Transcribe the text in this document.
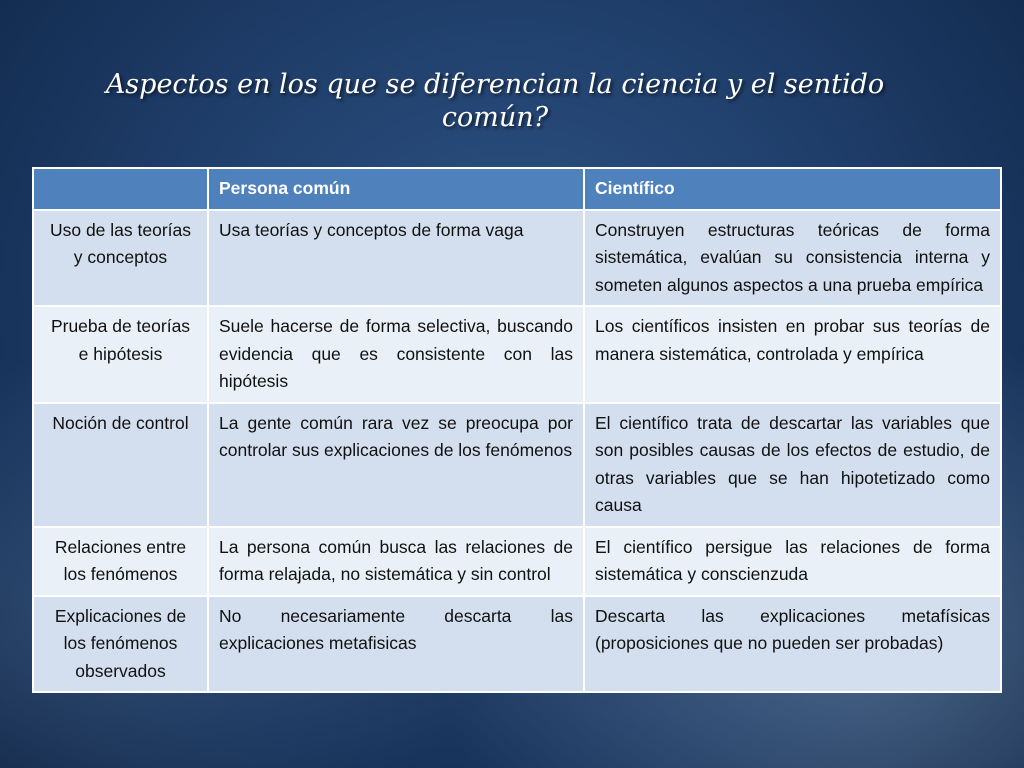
Aspectos en los que se diferencian la ciencia y el sentido común?
	Persona común	Científico
Uso de las teorías y conceptos	Usa teorías y conceptos de forma vaga	Construyen estructuras teóricas de forma sistemática, evalúan su consistencia interna y someten algunos aspectos a una prueba empírica
Prueba de teorías e hipótesis	Suele hacerse de forma selectiva, buscando evidencia que es consistente con las hipótesis	Los científicos insisten en probar sus teorías de manera sistemática, controlada y empírica
Noción de control	La gente común rara vez se preocupa por controlar sus explicaciones de los fenómenos	El científico trata de descartar las variables que son posibles causas de los efectos de estudio, de otras variables que se han hipotetizado como causa
Relaciones entre los fenómenos	La persona común busca las relaciones de forma relajada, no sistemática y sin control	El científico persigue las relaciones de forma sistemática y conscienzuda
Explicaciones de los fenómenos observados	No necesariamente descarta las explicaciones metafisicas	Descarta las explicaciones metafísicas (proposiciones que no pueden ser probadas)
